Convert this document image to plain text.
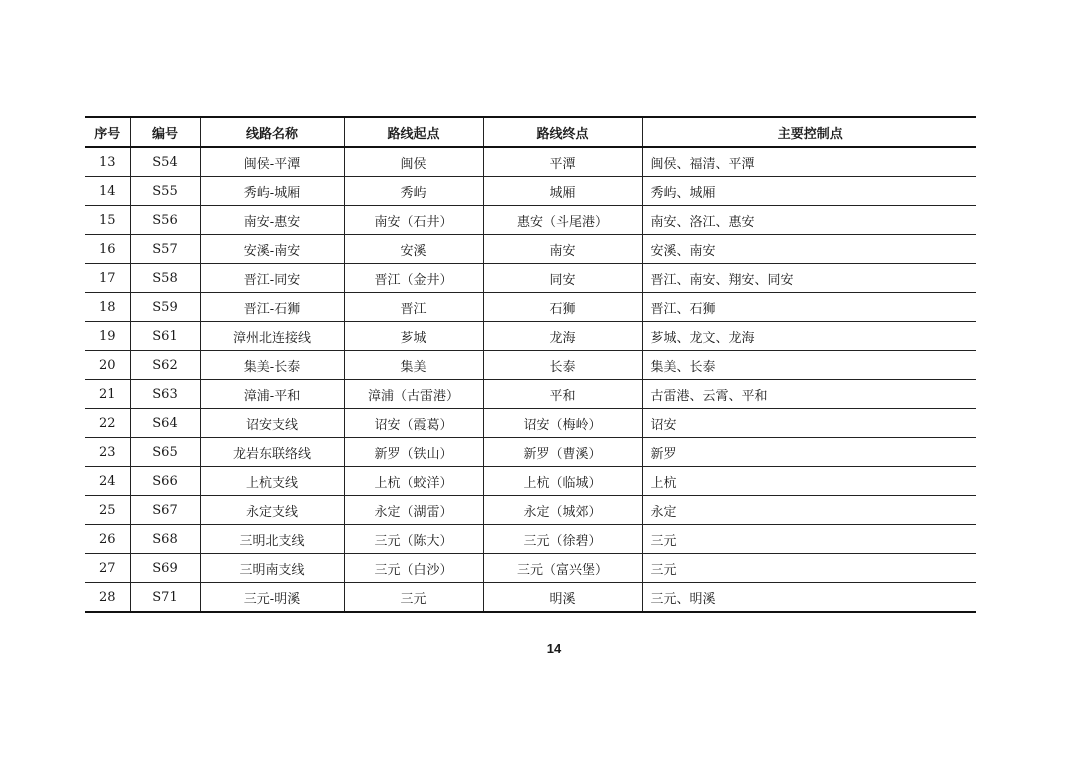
序号	编号	线路名称	路线起点	路线终点	主要控制点
13	S54	闽侯-平潭	闽侯	平潭	闽侯、福清、平潭
14	S55	秀屿-城厢	秀屿	城厢	秀屿、城厢
15	S56	南安-惠安	南安（石井）	惠安（斗尾港）	南安、洛江、惠安
16	S57	安溪-南安	安溪	南安	安溪、南安
17	S58	晋江-同安	晋江（金井）	同安	晋江、南安、翔安、同安
18	S59	晋江-石狮	晋江	石狮	晋江、石狮
19	S61	漳州北连接线	芗城	龙海	芗城、龙文、龙海
20	S62	集美-长泰	集美	长泰	集美、长泰
21	S63	漳浦-平和	漳浦（古雷港）	平和	古雷港、云霄、平和
22	S64	诏安支线	诏安（霞葛）	诏安（梅岭）	诏安
23	S65	龙岩东联络线	新罗（铁山）	新罗（曹溪）	新罗
24	S66	上杭支线	上杭（蛟洋）	上杭（临城）	上杭
25	S67	永定支线	永定（湖雷）	永定（城郊）	永定
26	S68	三明北支线	三元（陈大）	三元（徐碧）	三元
27	S69	三明南支线	三元（白沙）	三元（富兴堡）	三元
28	S71	三元-明溪	三元	明溪	三元、明溪
14
